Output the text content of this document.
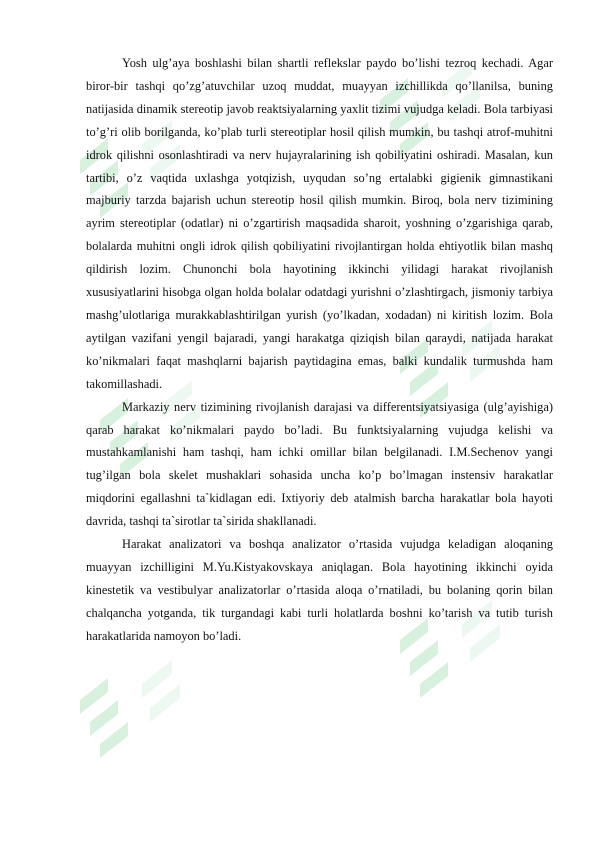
Yosh ulg’aya boshlashi bilan shartli reflekslar paydo bo’lishi tezroq kechadi. Agar biror-bir tashqi qo’zg’atuvchilar uzoq muddat, muayyan izchillikda qo’llanilsa, buning natijasida dinamik stereotip javob reaktsiyalarning yaxlit tizimi vujudga keladi. Bola tarbiyasi to’g’ri olib borilganda, ko’plab turli stereotiplar hosil qilish mumkin, bu tashqi atrof-muhitni idrok qilishni osonlashtiradi va nerv hujayralarining ish qobiliyatini oshiradi. Masalan, kun tartibi, o’z vaqtida uxlashga yotqizish, uyqudan so’ng ertalabki gigienik gimnastikani majburiy tarzda bajarish uchun stereotip hosil qilish mumkin. Biroq, bola nerv tizimining ayrim stereotiplar (odatlar) ni o’zgartirish maqsadida sharoit, yoshning o’zgarishiga qarab, bolalarda muhitni ongli idrok qilish qobiliyatini rivojlantirgan holda ehtiyotlik bilan mashq qildirish lozim. Chunonchi bola hayotining ikkinchi yilidagi harakat rivojlanish xususiyatlarini hisobga olgan holda bolalar odatdagi yurishni o’zlashtirgach, jismoniy tarbiya mashg’ulotlariga murakkablashtirilgan yurish (yo’lkadan, xodadan) ni kiritish lozim. Bola aytilgan vazifani yengil bajaradi, yangi harakatga qiziqish bilan qaraydi, natijada harakat ko’nikmalari faqat mashqlarni bajarish paytidagina emas, balki kundalik turmushda ham takomillashadi.

Markaziy nerv tizimining rivojlanish darajasi va differentsiyatsiyasiga (ulg’ayishiga) qarab harakat ko’nikmalari paydo bo’ladi. Bu funktsiyalarning vujudga kelishi va mustahkamlanishi ham tashqi, ham ichki omillar bilan belgilanadi. I.M.Sechenov yangi tug’ilgan bola skelet mushaklari sohasida uncha ko’p bo’lmagan instensiv harakatlar miqdorini egallashni ta`kidlagan edi. Ixtiyoriy deb atalmish barcha harakatlar bola hayoti davrida, tashqi ta`sirotlar ta`sirida shakllanadi.

Harakat analizatori va boshqa analizator o’rtasida vujudga keladigan aloqaning muayyan izchilligini M.Yu.Kistyakovskaya aniqlagan. Bola hayotining ikkinchi oyida kinestetik va vestibulyar analizatorlar o’rtasida aloqa o’rnatiladi, bu bolaning qorin bilan chalqancha yotganda, tik turgandagi kabi turli holatlarda boshni ko’tarish va tutib turish harakatlarida namoyon bo’ladi.
